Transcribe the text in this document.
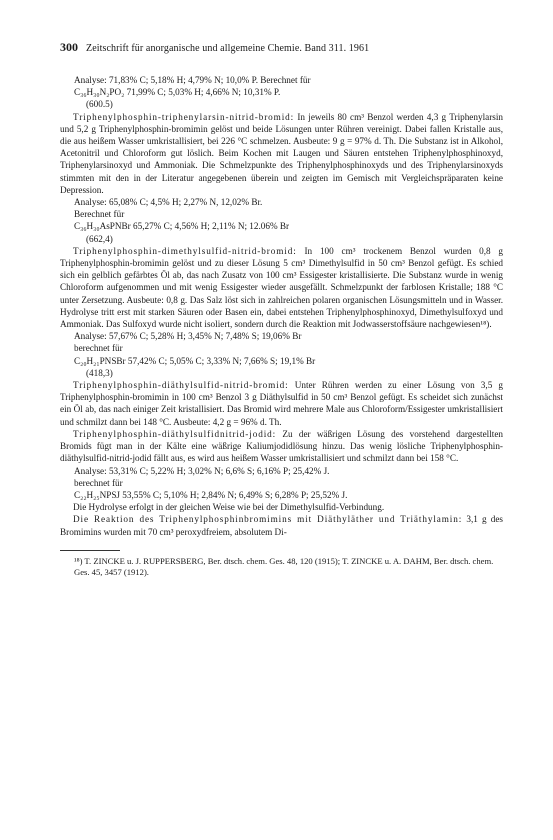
300 Zeitschrift für anorganische und allgemeine Chemie. Band 311. 1961
Analyse: 71,83% C; 5,18% H; 4,79% N; 10,0% P. Berechnet für
C₃₆H₃₀N₂PO₂ 71,99% C; 5,03% H; 4,66% N; 10,31% P.
(600.5)
Triphenylphosphin-triphenylarsin-nitrid-bromid: In jeweils 80 cm³ Benzol werden 4,3 g Triphenylarsin und 5,2 g Triphenylphosphin-bromimin gelöst und beide Lösungen unter Rühren vereinigt. Dabei fallen Kristalle aus, die aus heißem Wasser umkristallisiert, bei 226 °C schmelzen. Ausbeute: 9 g = 97% d. Th. Die Substanz ist in Alkohol, Acetonitril und Chloroform gut löslich. Beim Kochen mit Laugen und Säuren entstehen Triphenylphosphinoxyd, Triphenylarsinoxyd und Ammoniak. Die Schmelzpunkte des Triphenylphosphinoxyds und des Triphenylarsinoxyds stimmten mit den in der Literatur angegebenen überein und zeigten im Gemisch mit Vergleichspräparaten keine Depression.
Analyse: 65,08% C; 4,5% H; 2,27% N, 12,02% Br.
Berechnet für
C₃₆H₃₀AsPNBr 65,27% C; 4,56% H; 2,11% N; 12.06% Br
(662,4)
Triphenylphosphin-dimethylsulfid-nitrid-bromid: In 100 cm³ trockenem Benzol wurden 0,8 g Triphenylphosphin-bromimin gelöst und zu dieser Lösung 5 cm³ Dimethylsulfid in 50 cm³ Benzol gefügt. Es schied sich ein gelblich gefärbtes Öl ab, das nach Zusatz von 100 cm³ Essigester kristallisierte. Die Substanz wurde in wenig Chloroform aufgenommen und mit wenig Essigester wieder ausgefällt. Schmelzpunkt der farblosen Kristalle; 188 °C unter Zersetzung. Ausbeute: 0,8 g. Das Salz löst sich in zahlreichen polaren organischen Lösungsmitteln und in Wasser. Hydrolyse tritt erst mit starken Säuren oder Basen ein, dabei entstehen Triphenylphosphinoxyd, Dimethylsulfoxyd und Ammoniak. Das Sulfoxyd wurde nicht isoliert, sondern durch die Reaktion mit Jodwasserstoffsäure nachgewiesen¹⁸).
Analyse: 57,67% C; 5,28% H; 3,45% N; 7,48% S; 19,06% Br
berechnet für
C₂₀H₂₁PNSBr 57,42% C; 5,05% C; 3,33% N; 7,66% S; 19,1% Br
(418,3)
Triphenylphosphin-diäthylsulfid-nitrid-bromid: Unter Rühren werden zu einer Lösung von 3,5 g Triphenylphosphin-bromimin in 100 cm³ Benzol 3 g Diäthylsulfid in 50 cm³ Benzol gefügt. Es scheidet sich zunächst ein Öl ab, das nach einiger Zeit kristallisiert. Das Bromid wird mehrere Male aus Chloroform/Essigester umkristallisiert und schmilzt dann bei 148 °C. Ausbeute: 4,2 g = 96% d. Th.
Triphenylphosphin-diäthylsulfidnitrid-jodid: Zu der wäßrigen Lösung des vorstehend dargestellten Bromids fügt man in der Kälte eine wäßrige Kaliumjodidlösung hinzu. Das wenig lösliche Triphenylphosphin-diäthylsulfid-nitrid-jodid fällt aus, es wird aus heißem Wasser umkristallisiert und schmilzt dann bei 158 °C.
Analyse: 53,31% C; 5,22% H; 3,02% N; 6,6% S; 6,16% P; 25,42% J.
berechnet für
C₂₂H₂₅NPSJ 53,55% C; 5,10% H; 2,84% N; 6,49% S; 6,28% P; 25,52% J.
Die Hydrolyse erfolgt in der gleichen Weise wie bei der Dimethylsulfid-Verbindung.
Die Reaktion des Triphenylphosphinbromimins mit Diäthyläther und Triäthylamin: 3,1 g des Bromimins wurden mit 70 cm³ peroxydfreiem, absolutem Di-
¹⁸) T. ZINCKE u. J. RUPPERSBERG, Ber. dtsch. chem. Ges. 48, 120 (1915); T. ZINCKE u. A. DAHM, Ber. dtsch. chem. Ges. 45, 3457 (1912).
